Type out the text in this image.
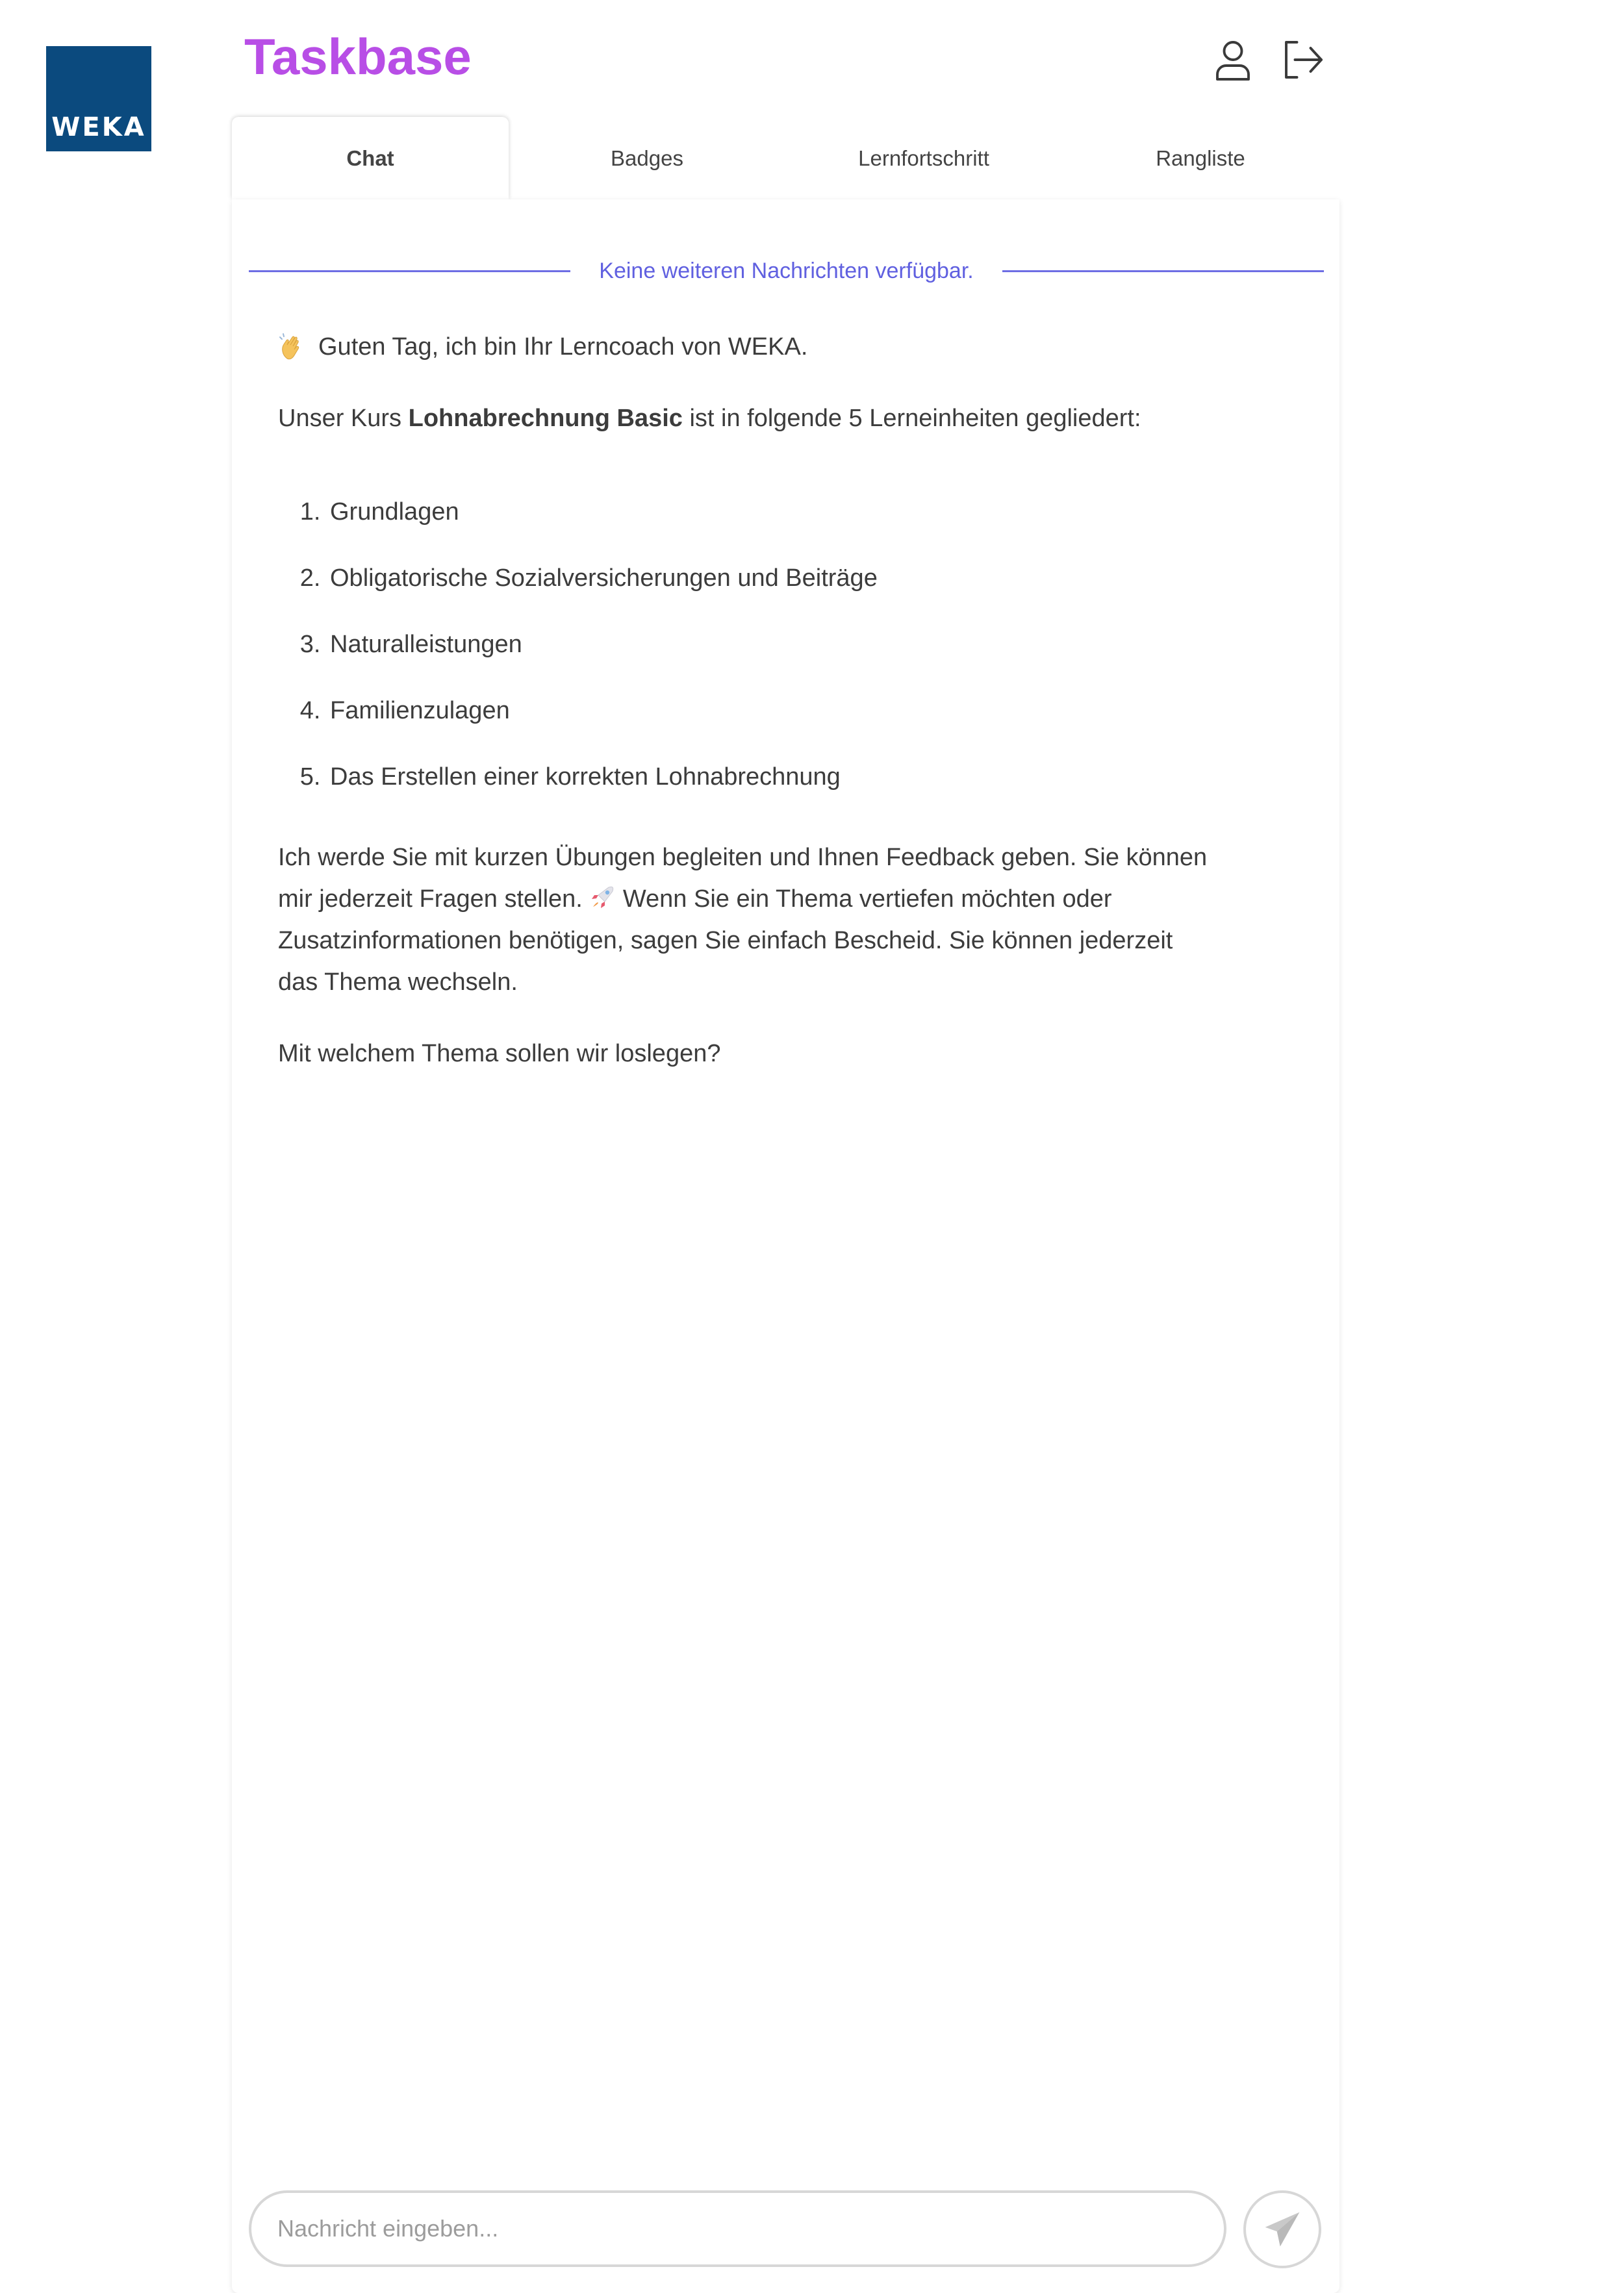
WEKA
Taskbase
Chat	Badges	Lernfortschritt	Rangliste
Keine weiteren Nachrichten verfügbar.

Guten Tag, ich bin Ihr Lerncoach von WEKA.

Unser Kurs Lohnabrechnung Basic ist in folgende 5 Lerneinheiten gegliedert:

1. Grundlagen
2. Obligatorische Sozialversicherungen und Beiträge
3. Naturalleistungen
4. Familienzulagen
5. Das Erstellen einer korrekten Lohnabrechnung

Ich werde Sie mit kurzen Übungen begleiten und Ihnen Feedback geben. Sie können mir jederzeit Fragen stellen. Wenn Sie ein Thema vertiefen möchten oder Zusatzinformationen benötigen, sagen Sie einfach Bescheid. Sie können jederzeit das Thema wechseln.

Mit welchem Thema sollen wir loslegen?

Nachricht eingeben...
